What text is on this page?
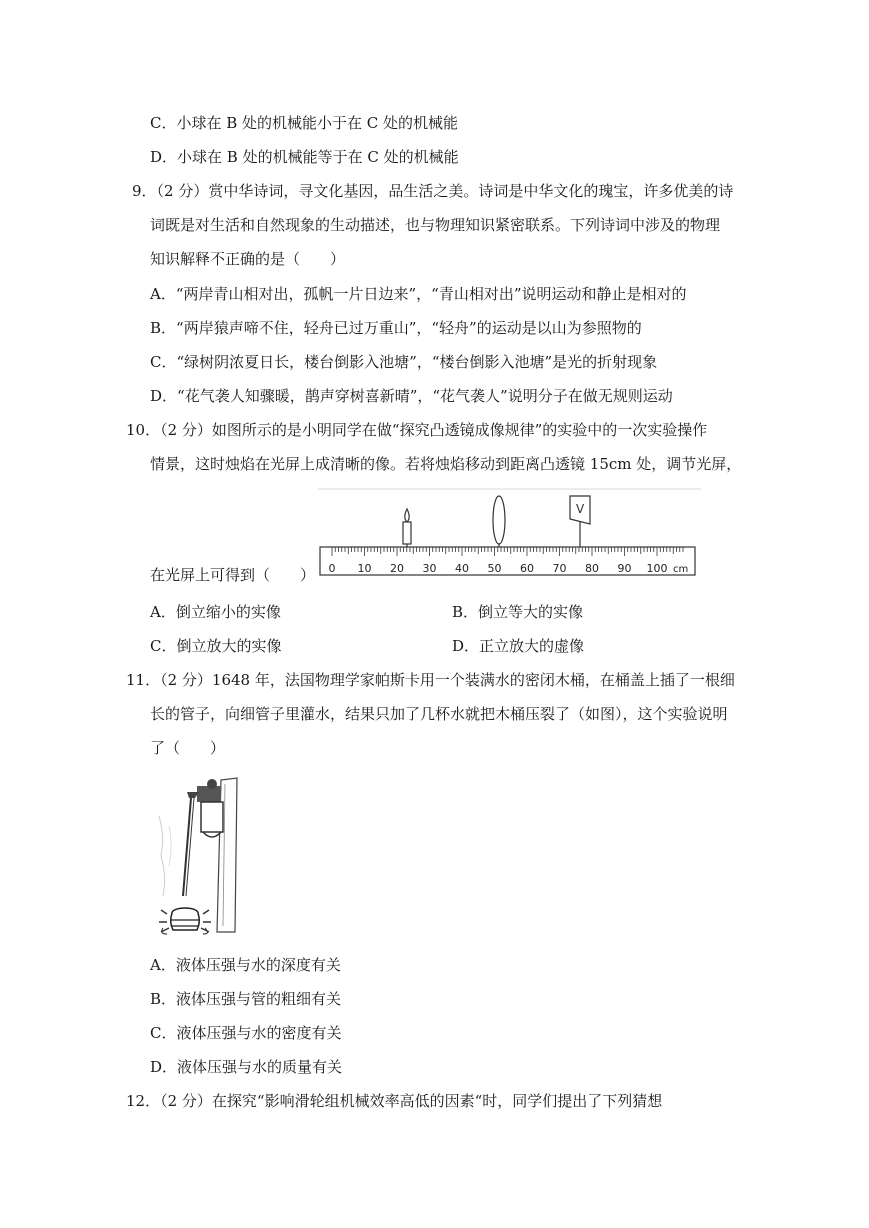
C．小球在 B 处的机械能小于在 C 处的机械能
D．小球在 B 处的机械能等于在 C 处的机械能
9．（2 分）赏中华诗词，寻文化基因，品生活之美。诗词是中华文化的瑰宝，许多优美的诗
词既是对生活和自然现象的生动描述，也与物理知识紧密联系。下列诗词中涉及的物理
知识解释不正确的是（　　）
A．“两岸青山相对出，孤帆一片日边来”，“青山相对出”说明运动和静止是相对的
B．“两岸猿声啼不住，轻舟已过万重山”，“轻舟”的运动是以山为参照物的
C．“绿树阴浓夏日长，楼台倒影入池塘”，“楼台倒影入池塘”是光的折射现象
D．“花气袭人知骤暖，鹊声穿树喜新晴”，“花气袭人”说明分子在做无规则运动
10．（2 分）如图所示的是小明同学在做“探究凸透镜成像规律”的实验中的一次实验操作
情景，这时烛焰在光屏上成清晰的像。若将烛焰移动到距离凸透镜 15cm 处，调节光屏，
在光屏上可得到（　　）
V
0 10 20 30 40 50 60 70 80 90 100 cm
A．倒立缩小的实像	B．倒立等大的实像
C．倒立放大的实像	D．正立放大的虚像
11．（2 分）1648 年，法国物理学家帕斯卡用一个装满水的密闭木桶，在桶盖上插了一根细
长的管子，向细管子里灌水，结果只加了几杯水就把木桶压裂了（如图），这个实验说明
了（　　）
A．液体压强与水的深度有关
B．液体压强与管的粗细有关
C．液体压强与水的密度有关
D．液体压强与水的质量有关
12．（2 分）在探究“影响滑轮组机械效率高低的因素“时，同学们提出了下列猜想
